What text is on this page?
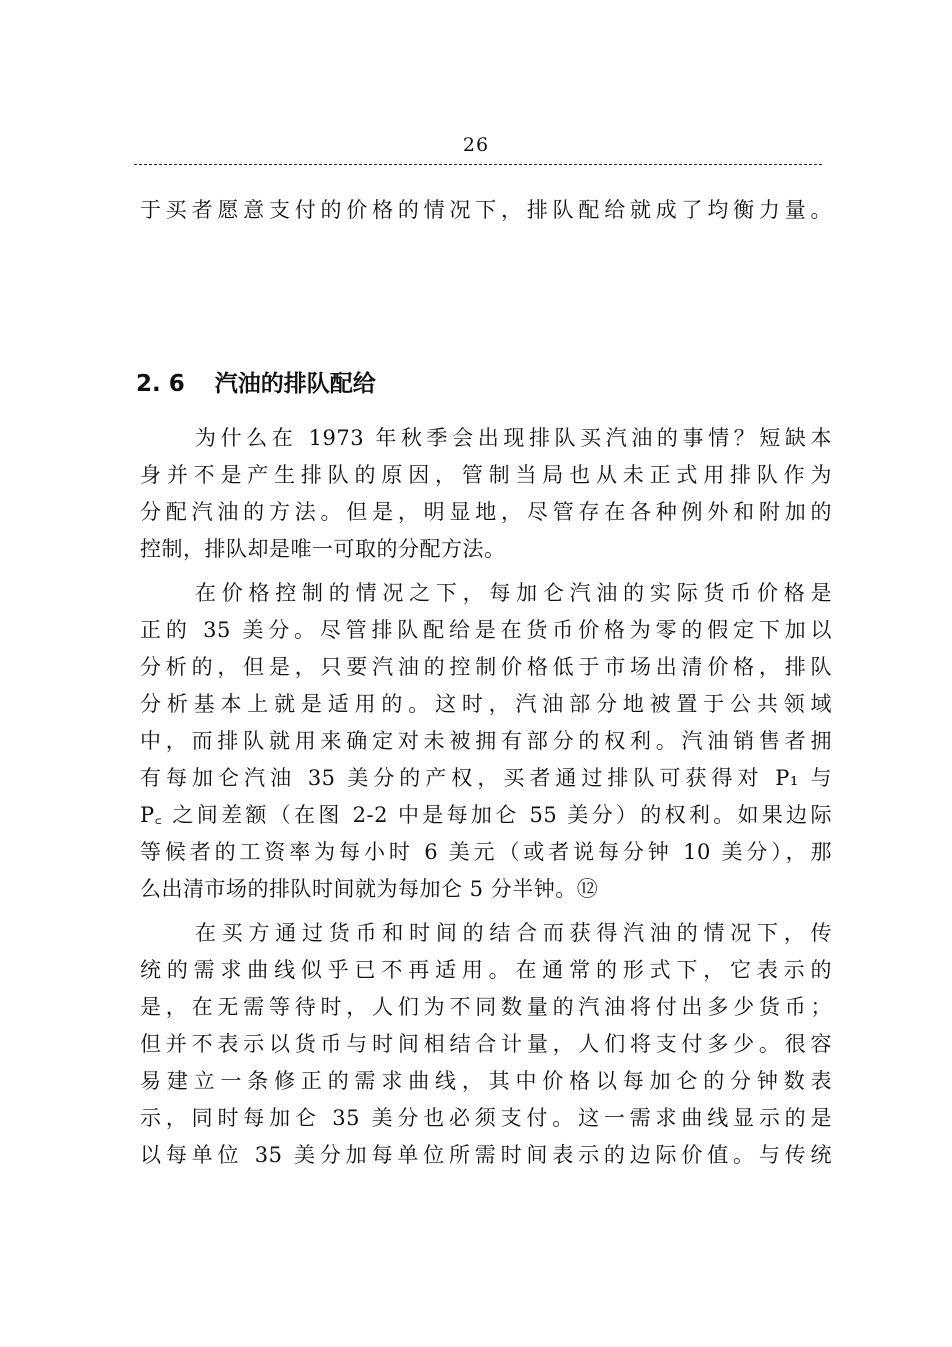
26
于买者愿意支付的价格的情况下，排队配给就成了均衡力量。
2. 6 汽油的排队配给
为什么在 1973 年秋季会出现排队买汽油的事情？短缺本
身并不是产生排队的原因，管制当局也从未正式用排队作为
分配汽油的方法。但是，明显地，尽管存在各种例外和附加的
控制，排队却是唯一可取的分配方法。
在价格控制的情况之下，每加仑汽油的实际货币价格是
正的 35 美分。尽管排队配给是在货币价格为零的假定下加以
分析的，但是，只要汽油的控制价格低于市场出清价格，排队
分析基本上就是适用的。这时，汽油部分地被置于公共领域
中，而排队就用来确定对未被拥有部分的权利。汽油销售者拥
有每加仑汽油 35 美分的产权，买者通过排队可获得对 P₁ 与
P꜀ 之间差额（在图 2-2 中是每加仑 55 美分）的权利。如果边际
等候者的工资率为每小时 6 美元（或者说每分钟 10 美分），那
么出清市场的排队时间就为每加仑 5 分半钟。⑫
在买方通过货币和时间的结合而获得汽油的情况下，传
统的需求曲线似乎已不再适用。在通常的形式下，它表示的
是，在无需等待时，人们为不同数量的汽油将付出多少货币；
但并不表示以货币与时间相结合计量，人们将支付多少。很容
易建立一条修正的需求曲线，其中价格以每加仑的分钟数表
示，同时每加仑 35 美分也必须支付。这一需求曲线显示的是
以每单位 35 美分加每单位所需时间表示的边际价值。与传统
